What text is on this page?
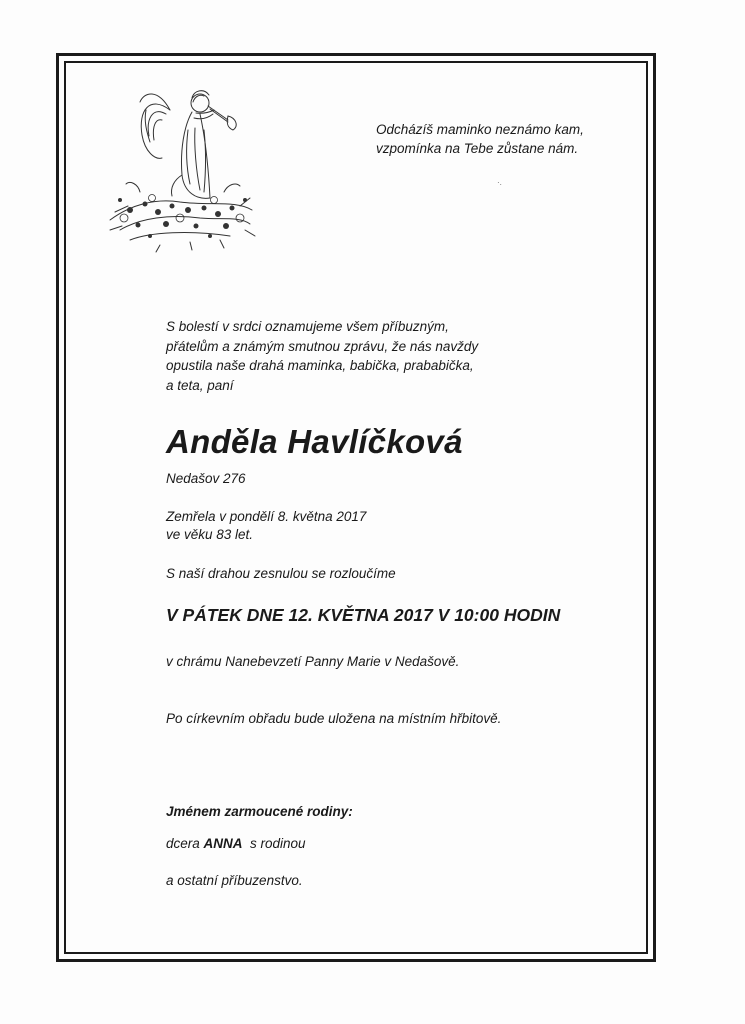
Odcházíš maminko neznámo kam,
vzpomínka na Tebe zůstane nám.
·.
S bolestí v srdci oznamujeme všem příbuzným,
přátelům a známým smutnou zprávu, že nás navždy
opustila naše drahá maminka, babička, prababička,
a teta, paní
Anděla Havlíčková
Nedašov 276
Zemřela v pondělí 8. května 2017
ve věku 83 let.
S naší drahou zesnulou se rozloučíme
V PÁTEK DNE 12. KVĚTNA 2017 V 10:00 HODIN
v chrámu Nanebevzetí Panny Marie v Nedašově.
Po církevním obřadu bude uložena na místním hřbitově.
Jménem zarmoucené rodiny:
dcera ANNA  s rodinou
a ostatní příbuzenstvo.
